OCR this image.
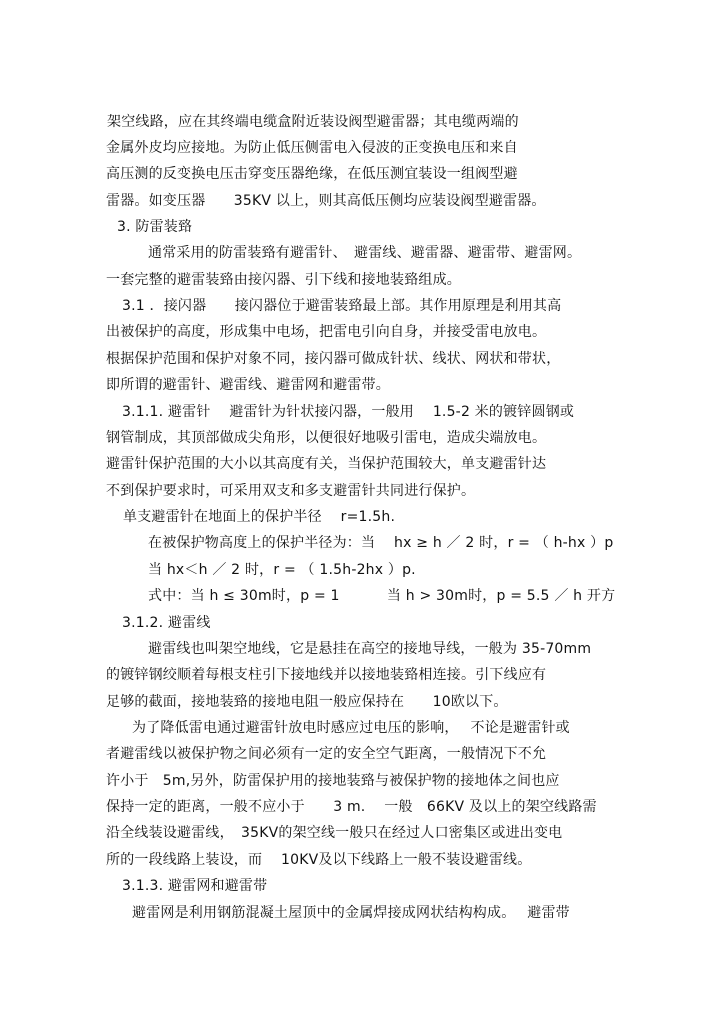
架空线路，应在其终端电缆盒附近装设阀型避雷器；其电缆两端的
金属外皮均应接地。为防止低压侧雷电入侵波的正变换电压和来自
高压测的反变换电压击穿变压器绝缘，在低压测宜装设一组阀型避
雷器。如变压器　　35KV 以上，则其高低压侧均应装设阀型避雷器。
3. 防雷装臵
通常采用的防雷装臵有避雷针、　避雷线、避雷器、避雷带、避雷网。
一套完整的避雷装臵由接闪器、引下线和接地装臵组成。
3.1 ．接闪器　　接闪器位于避雷装臵最上部。其作用原理是利用其高
出被保护的高度，形成集中电场，把雷电引向自身，并接受雷电放电。
根据保护范围和保护对象不同，接闪器可做成针状、线状、网状和带状，
即所谓的避雷针、避雷线、避雷网和避雷带。
3.1.1. 避雷针　 避雷针为针状接闪器，一般用　 1.5-2 米的镀锌圆钢或
钢管制成，其顶部做成尖角形，以便很好地吸引雷电，造成尖端放电。
避雷针保护范围的大小以其高度有关，当保护范围较大，单支避雷针达
不到保护要求时，可采用双支和多支避雷针共同进行保护。
单支避雷针在地面上的保护半径　 r=1.5h.
在被保护物高度上的保护半径为：当　 hx ≥ h ／ 2 时，r = （ h-hx ）p
当 hx＜h ／ 2 时，r = （ 1.5h-2hx ）p.
式中：当 h ≤ 30m时，p = 1　　　 当 h > 30m时，p = 5.5 ／ h 开方
3.1.2. 避雷线
避雷线也叫架空地线，它是悬挂在高空的接地导线，一般为 35-70mm
的镀锌钢绞顺着每根支柱引下接地线并以接地装臵相连接。引下线应有
足够的截面，接地装臵的接地电阻一般应保持在　　10欧以下。
为了降低雷电通过避雷针放电时感应过电压的影响，　 不论是避雷针或
者避雷线以被保护物之间必须有一定的安全空气距离，一般情况下不允
许小于　5m,另外，防雷保护用的接地装臵与被保护物的接地体之间也应
保持一定的距离，一般不应小于　　3 m.　 一般　66KV 及以上的架空线路需
沿全线装设避雷线，　35KV的架空线一般只在经过人口密集区或进出变电
所的一段线路上装设，而　 10KV及以下线路上一般不装设避雷线。
3.1.3. 避雷网和避雷带
避雷网是利用钢筋混凝土屋顶中的金属焊接成网状结构构成。　 避雷带
